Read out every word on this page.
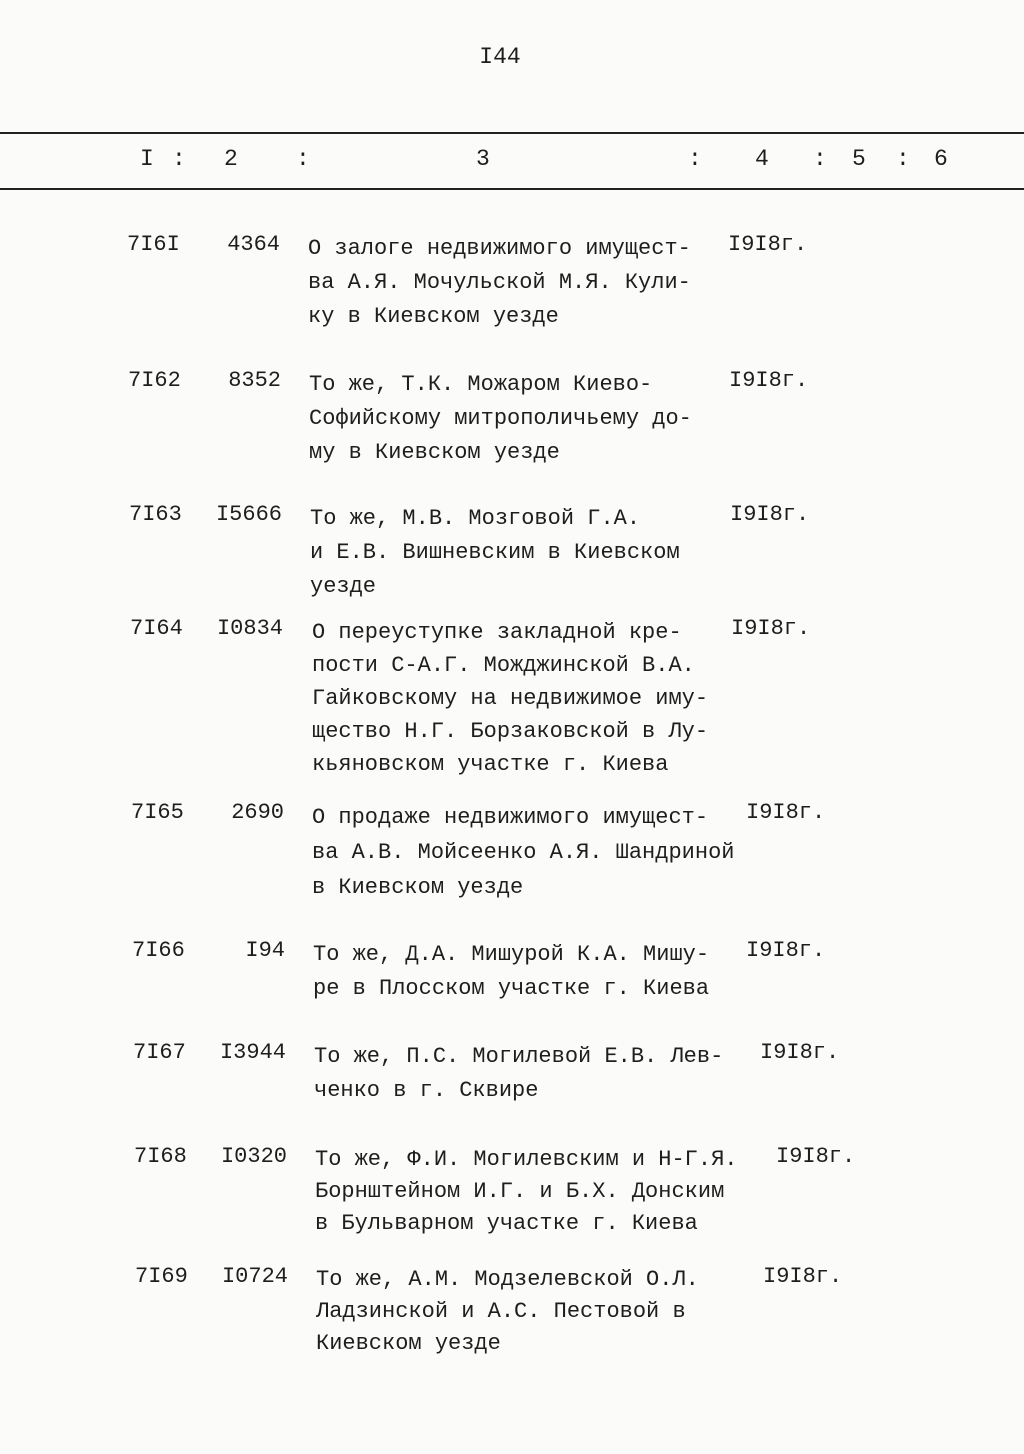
I44
I : 2	:	3	: 4 : 5 : 6
7I6I	4364 О залоге недвижимого имущест-
ва А.Я. Мочульской М.Я. Кули-
ку в Киевском уезде
I9I8г.
7I62	8352 То же, Т.К. Можаром Киево-
Софийскому митрополичьему до-
му в Киевском уезде
I9I8г.
7I63	I5666 То же, М.В. Мозговой Г.А.
и Е.В. Вишневским в Киевском
уезде
I9I8г.
7I64	I0834 О переуступке закладной кре-
пости С-А.Г. Можджинской В.А.
Гайковскому на недвижимое иму-
щество Н.Г. Борзаковской в Лу-
кьяновском участке г. Киева
I9I8г.
7I65	2690 О продаже недвижимого имущест-
ва А.В. Мойсеенко А.Я. Шандриной
в Киевском уезде
I9I8г.
7I66	I94 То же, Д.А. Мишурой К.А. Мишу-
ре в Плосском участке г. Киева
I9I8г.
7I67	I3944 То же, П.С. Могилевой Е.В. Лев-
ченко в г. Сквире
I9I8г.
7I68	I0320 То же, Ф.И. Могилевским и Н-Г.Я.
Борнштейном И.Г. и Б.Х. Донским
в Бульварном участке г. Киева
I9I8г.
7I69	I0724 То же, А.М. Модзелевской О.Л.
Ладзинской и А.С. Пестовой в
Киевском уезде
I9I8г.
